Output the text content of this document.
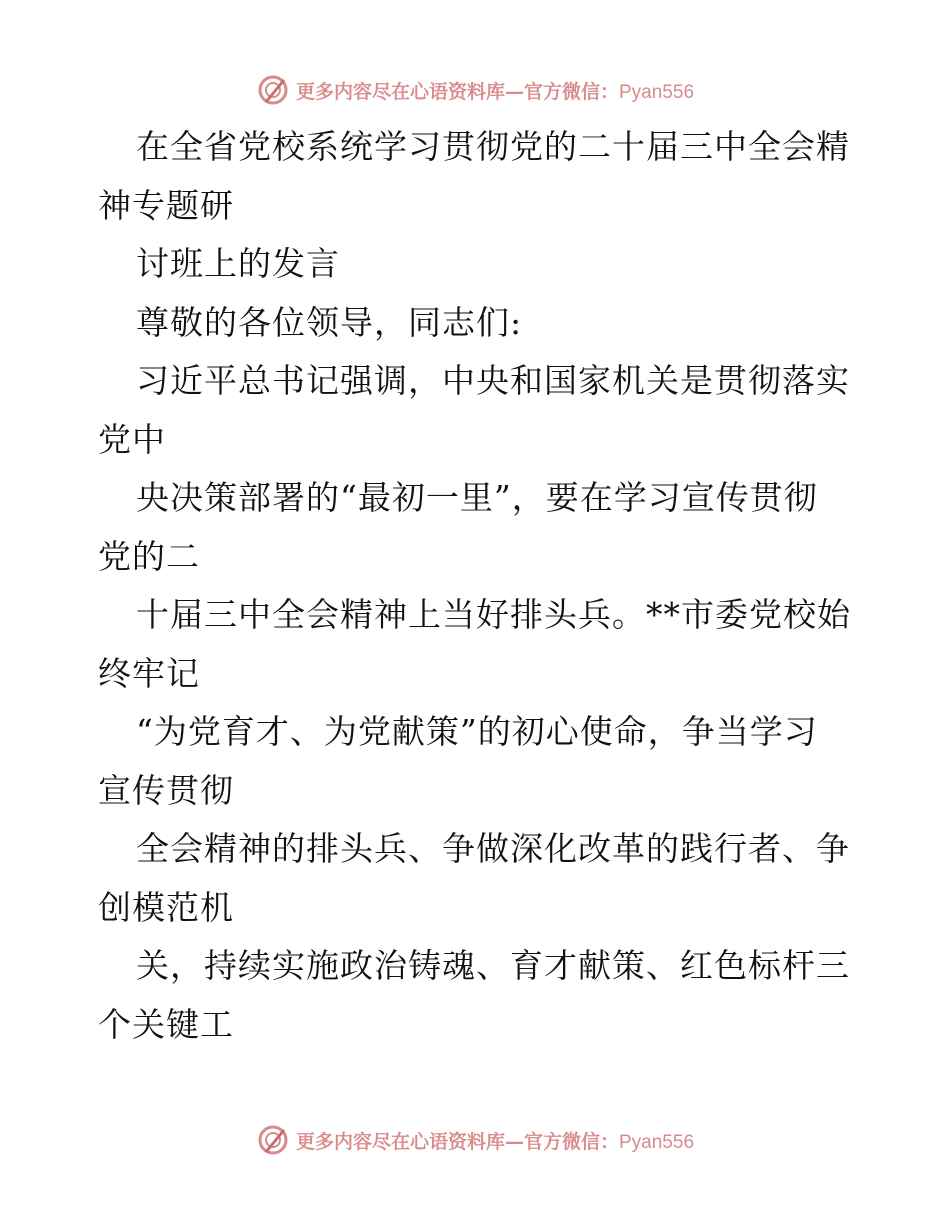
更多内容尽在心语资料库—官方微信：Pyan556
在全省党校系统学习贯彻党的二十届三中全会精
神专题研
讨班上的发言
尊敬的各位领导，同志们:
习近平总书记强调，中央和国家机关是贯彻落实
党中
央决策部署的“最初一里”，要在学习宣传贯彻
党的二
十届三中全会精神上当好排头兵。**市委党校始
终牢记
“为党育才、为党献策”的初心使命，争当学习
宣传贯彻
全会精神的排头兵、争做深化改革的践行者、争
创模范机
关，持续实施政治铸魂、育才献策、红色标杆三
个关键工
更多内容尽在心语资料库—官方微信：Pyan556
